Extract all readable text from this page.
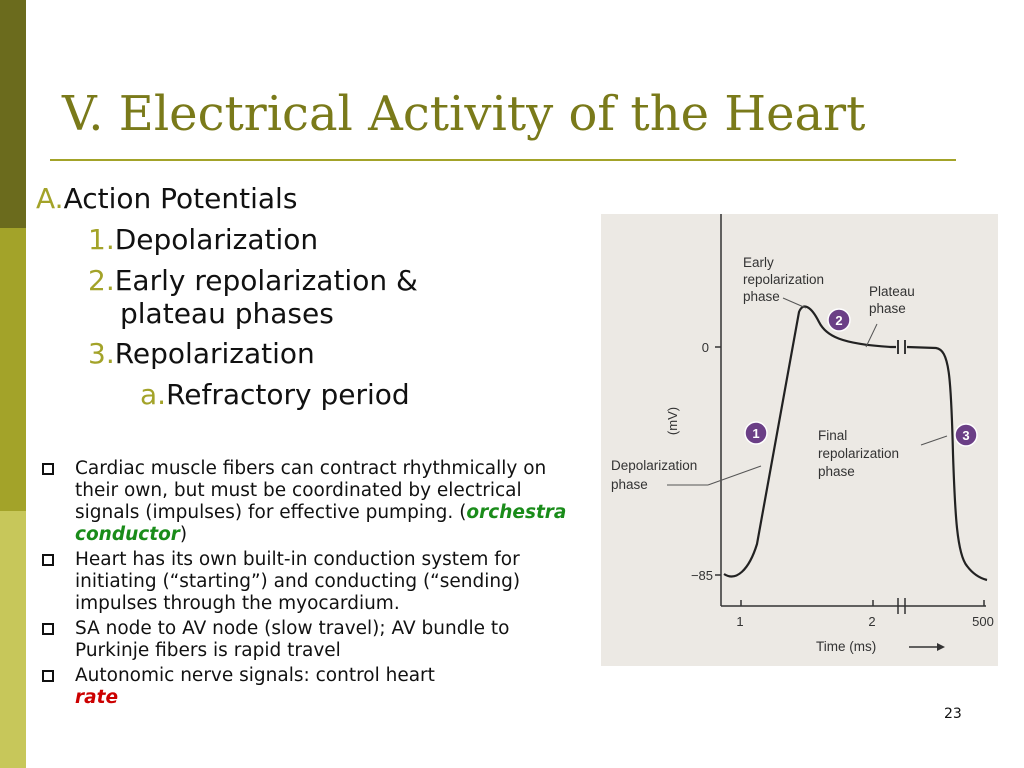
V. Electrical Activity of the Heart
A.Action Potentials
1.Depolarization
2.Early repolarization &
plateau phases
3.Repolarization
a.Refractory period
Cardiac muscle fibers can contract rhythmically on their own, but must be coordinated by electrical signals (impulses) for effective pumping. (orchestra conductor)
Heart has its own built-in conduction system for initiating (“starting”) and conducting (“sending) impulses through the myocardium.
SA node to AV node (slow travel); AV bundle to Purkinje fibers is rapid travel
Autonomic nerve signals: control heart
rate
1
2
3
Early
repolarization
phase	Plateau
phase
Final
repolarization
phase
Depolarization
phase
0
−85
(mV)
1	2	500
Time (ms)
23
